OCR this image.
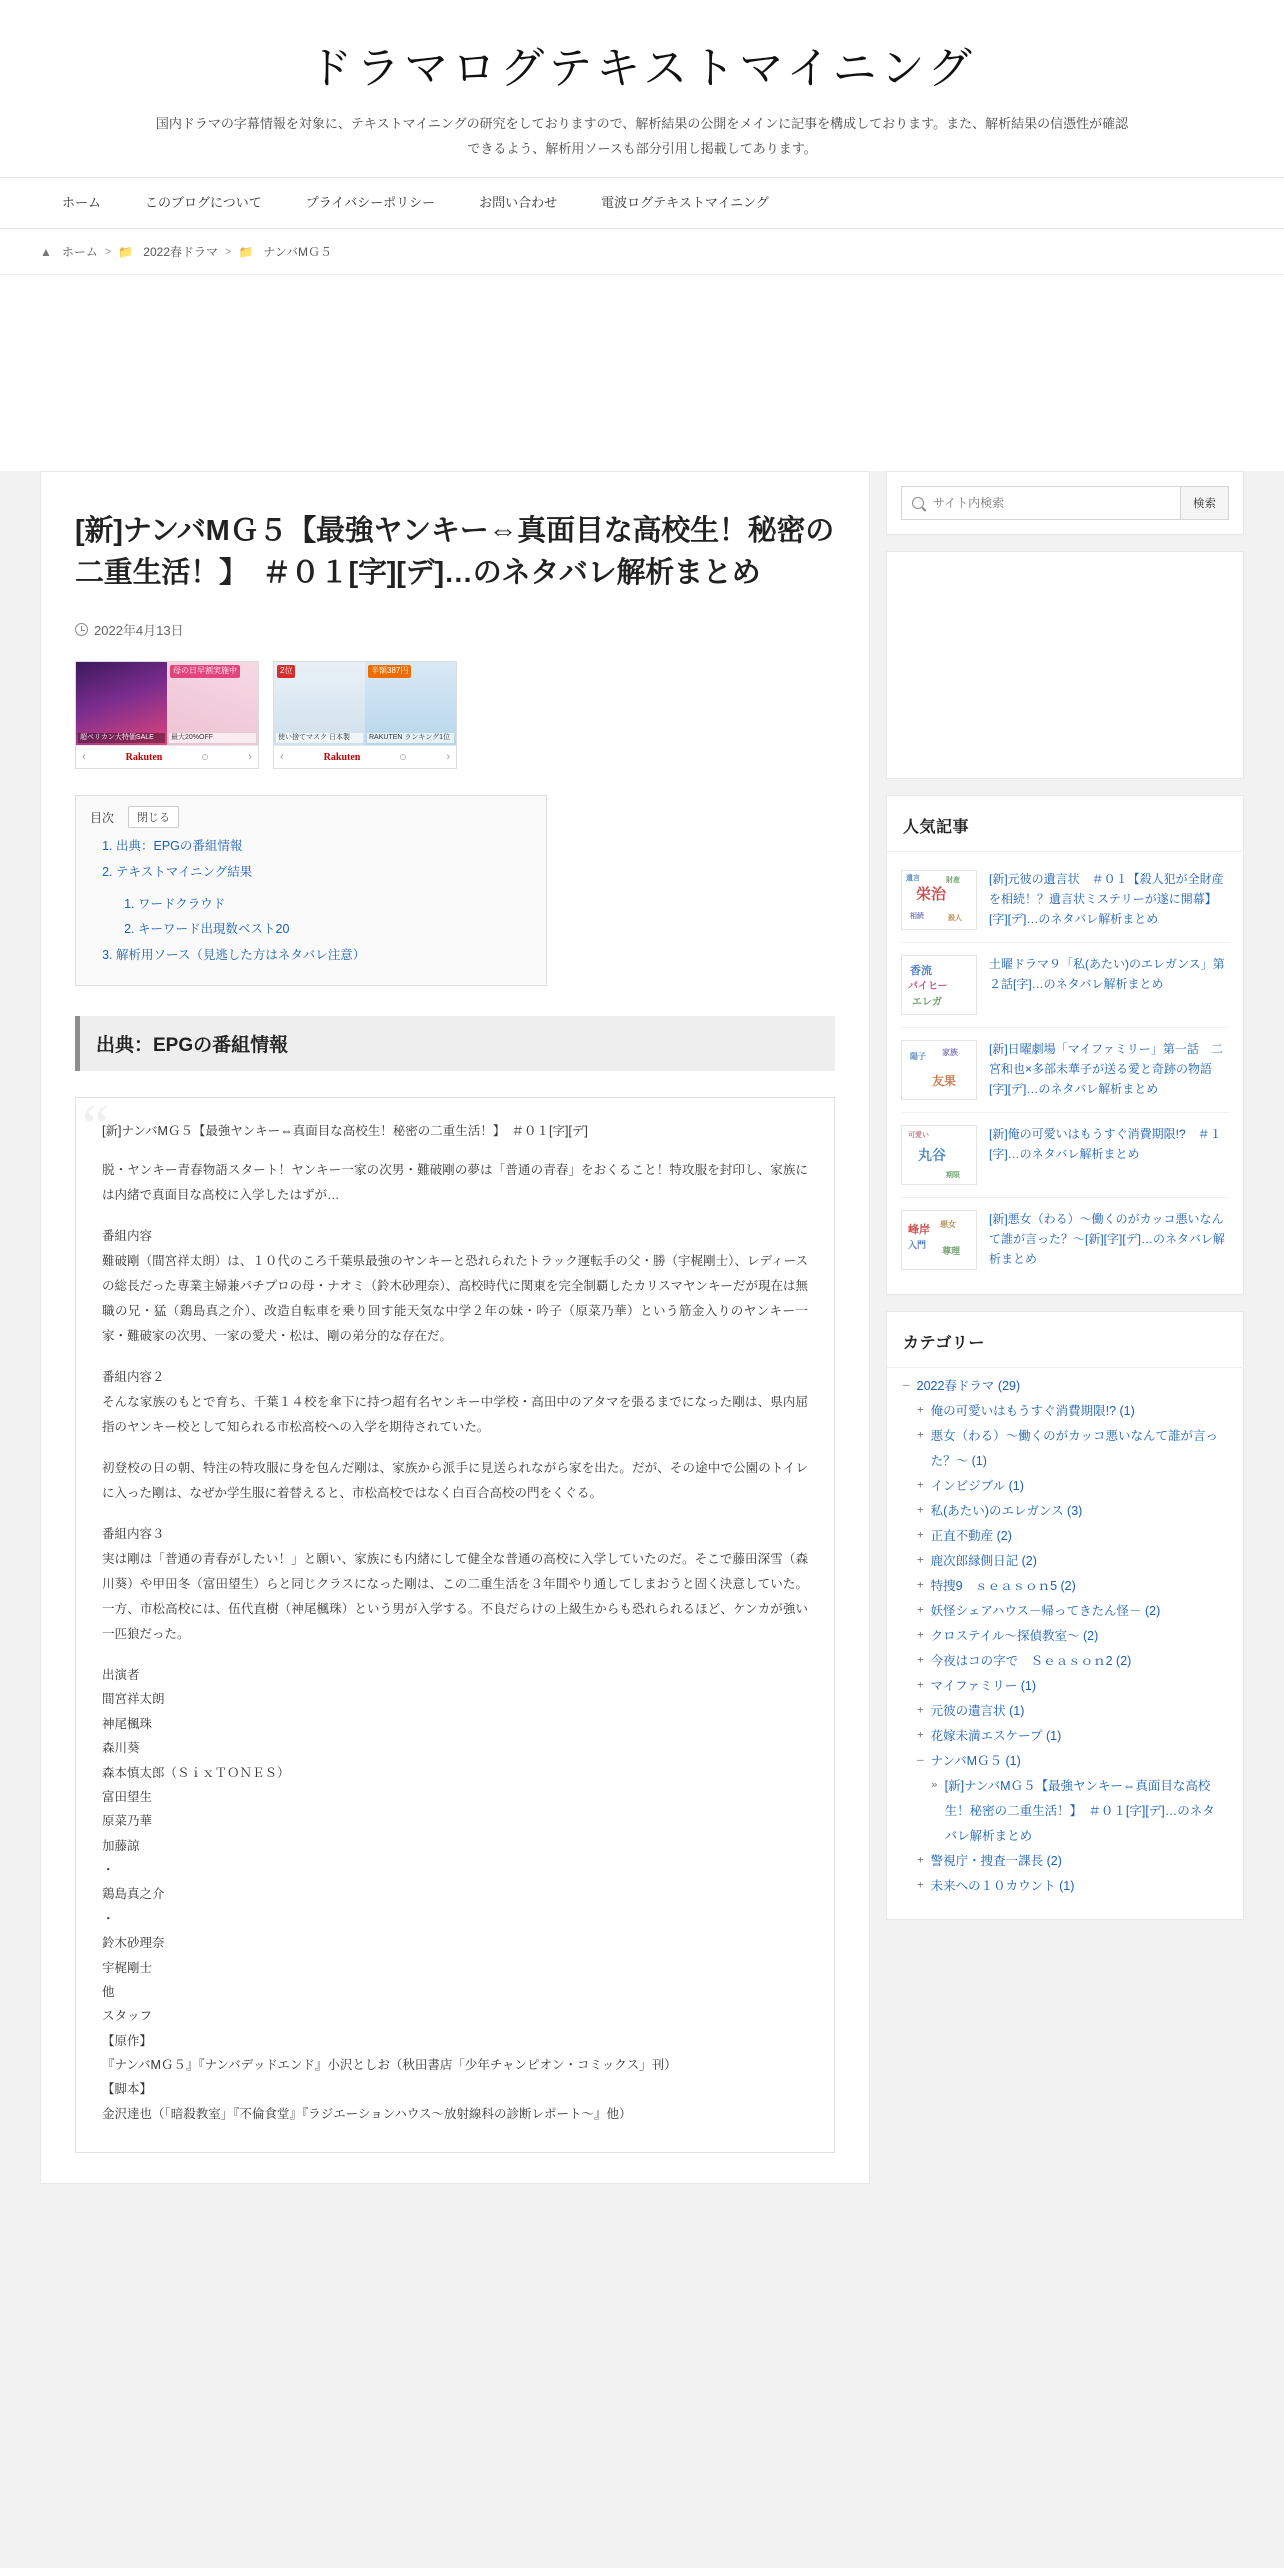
ドラマログテキストマイニング
国内ドラマの字幕情報を対象に、テキストマイニングの研究をしておりますので、解析結果の公開をメインに記事を構成しております。また、解析結果の信憑性が確認できるよう、解析用ソースも部分引用し掲載してあります。
ホーム	このブログについて	プライバシーポリシー	お問い合わせ	電波ログテキストマイニング
▲ ホーム > 📁 2022春ドラマ > 📁 ナンバМＧ５
[新]ナンバМＧ５【最強ヤンキー⇔真面目な高校生！秘密の二重生活！】　＃０１[字][デ]…のネタバレ解析まとめ
2022年4月13日
超ペリカン大特価SALE
母の日早割実施中
最大20%OFF
‹	Rakuten	›
2位
使い捨てマスク 日本製
半額387円
RAKUTEN ランキング1位
‹	Rakuten	›
目次	閉じる
1. 出典：EPGの番組情報
2. テキストマイニング結果
1. ワードクラウド
2. キーワード出現数ベスト20
3. 解析用ソース（見逃した方はネタバレ注意）
出典：EPGの番組情報
“ [新]ナンバМＧ５【最強ヤンキー⇔真面目な高校生！秘密の二重生活！】　＃０１[字][デ]
脱・ヤンキー青春物語スタート！ヤンキー一家の次男・難破剛の夢は「普通の青春」をおくること！特攻服を封印し、家族には内緒で真面目な高校に入学したはずが…
番組内容
難破剛（間宮祥太朗）は、１０代のころ千葉県最強のヤンキーと恐れられたトラック運転手の父・勝（宇梶剛士）、レディースの総長だった専業主婦兼パチプロの母・ナオミ（鈴木砂理奈）、高校時代に関東を完全制覇したカリスマヤンキーだが現在は無職の兄・猛（鶏島真之介）、改造自転車を乗り回す能天気な中学２年の妹・吟子（原菜乃華）という筋金入りのヤンキー一家・難破家の次男、一家の愛犬・松は、剛の弟分的な存在だ。
番組内容２
そんな家族のもとで育ち、千葉１４校を傘下に持つ超有名ヤンキー中学校・高田中のアタマを張るまでになった剛は、県内屈指のヤンキー校として知られる市松高校への入学を期待されていた。
初登校の日の朝、特注の特攻服に身を包んだ剛は、家族から派手に見送られながら家を出た。だが、その途中で公園のトイレに入った剛は、なぜか学生服に着替えると、市松高校ではなく白百合高校の門をくぐる。
番組内容３
実は剛は「普通の青春がしたい！」と願い、家族にも内緒にして健全な普通の高校に入学していたのだ。そこで藤田深雪（森川葵）や甲田冬（富田望生）らと同じクラスになった剛は、この二重生活を３年間やり通してしまおうと固く決意していた。一方、市松高校には、伍代直樹（神尾楓珠）という男が入学する。不良だらけの上級生からも恐れられるほど、ケンカが強い一匹狼だった。
出演者
間宮祥太朗
神尾楓珠
森川葵
森本慎太郎（ＳｉｘＴＯＮＥＳ）
富田望生
原菜乃華
加藤諒
・
鶏島真之介
・
鈴木砂理奈
宇梶剛士
他
スタッフ
【原作】
『ナンバМＧ５』『ナンバデッドエンド』小沢としお（秋田書店「少年チャンピオン・コミックス」刊）
【脚本】
金沢達也（「暗殺教室」『不倫食堂』『ラジエーションハウス～放射線科の診断レポート～』他）
サイト内検索
検索
人気記事
栄治
遺言	財産
相続	殺人
[新]元彼の遺言状　＃０１【殺人犯が全財産を相続！？遺言状ミステリーが遂に開幕】[字][デ]…のネタバレ解析まとめ
香流
パイヒー
エレガ
土曜ドラマ９「私(あたい)のエレガンス」第２話[字]…のネタバレ解析まとめ
友果
陽子 家族	[新]日曜劇場「マイファミリー」第一話　二宮和也×多部未華子が送る愛と奇跡の物語[字][デ]…のネタバレ解析まとめ
丸谷
可愛い
期限
[新]俺の可愛いはもうすぐ消費期限!?　＃１[字]…のネタバレ解析まとめ
峰岸
入門
尊理
悪女	[新]悪女（わる）～働くのがカッコ悪いなんて誰が言った？～[新][字][デ]…のネタバレ解析まとめ
カテゴリー
— 2022春ドラマ (29)
+ 俺の可愛いはもうすぐ消費期限!? (1)
+ 悪女（わる）～働くのがカッコ悪いなんて誰が言った？～ (1)
+ インビジブル (1)
+ 私(あたい)のエレガンス (3)
+ 正直不動産 (2)
+ 鹿次郎縁側日記 (2)
+ 特捜9　ｓｅａｓｏｎ5 (2)
+ 妖怪シェアハウス－帰ってきたん怪－ (2)
+ クロステイル～探偵教室～ (2)
+ 今夜はコの字で　Ｓｅａｓｏｎ2 (2)
+ マイファミリー (1)
+ 元彼の遺言状 (1)
+ 花嫁未満エスケープ (1)
— ナンバМＧ５ (1)
» [新]ナンバМＧ５【最強ヤンキー⇔真面目な高校生！秘密の二重生活！】　＃０１[字][デ]…のネタバレ解析まとめ
+ 警視庁・捜査一課長 (2)
+ 未来への１０カウント (1)
